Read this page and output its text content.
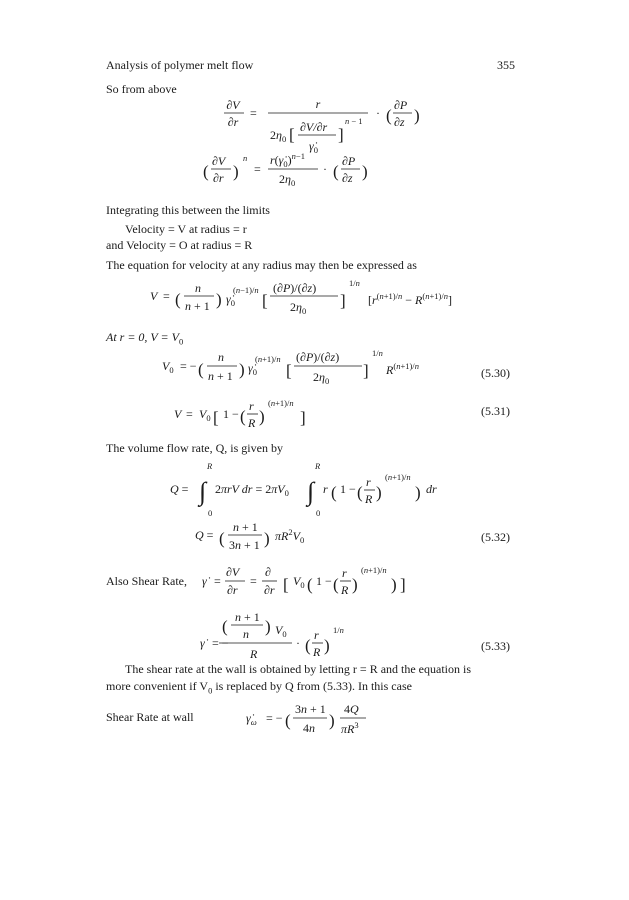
Analysis of polymer melt flow	355
So from above
∂V
∂r
=
r
$2\eta_0$ [ ∂V/∂r
$\gammȧ_0$
]
n − 1
· (
∂P
∂z )
(
∂V
∂r )
n
=
$r(\gammȧ_0)^{n-1}$
$2\eta_0$
· (
∂P
∂z )
Integrating this between the limits
Velocity = V at radius = r
and Velocity = O at radius = R
The equation for velocity at any radius may then be expressed as
V = (
n
n + 1 ) $\gammȧ_0$
(n−1)/n
[
(∂P)/(∂z)
$2\eta_0$
]
1/n
$[r^{(n+1)/n} - R^{(n+1)/n}]$
At r = 0, $V = V_0$
$V_0$ = − (
n
n + 1 ) $\gammȧ_0$
(n+1)/n
[
(∂P)/(∂z)
$2\eta_0$
]
1/n
$R^{(n+1)/n}$	(5.30)
$V = V_0$ [ 1 − (
r
R )
(n+1)/n
]	(5.31)
The volume flow rate, Q, is given by
R
Q = ∫
0
2πrV dr = $2\pi V_0$
R
∫
0
r ( 1 − (
r
R )
(n+1)/n
) dr
Q = (
n + 1
3n + 1 ) $\pi R^2V_0$	(5.32)
Also Shear Rate, γ̇ =
∂V
∂r
=
∂
∂r [ $V_0$ ( 1 − (
r
R )
(n+1)/n
) ]
γ̇ = −
( n + 1
n ) $V_0$
R
· (
r
R )
1/n
(5.33)
The shear rate at the wall is obtained by letting r = R and the equation is
more convenient if $V_0$ is replaced by Q from (5.33). In this case
Shear Rate at wall	$\gammȧ_\omega$ = − (
3n + 1
4n )
4Q
$\pi R^3$
